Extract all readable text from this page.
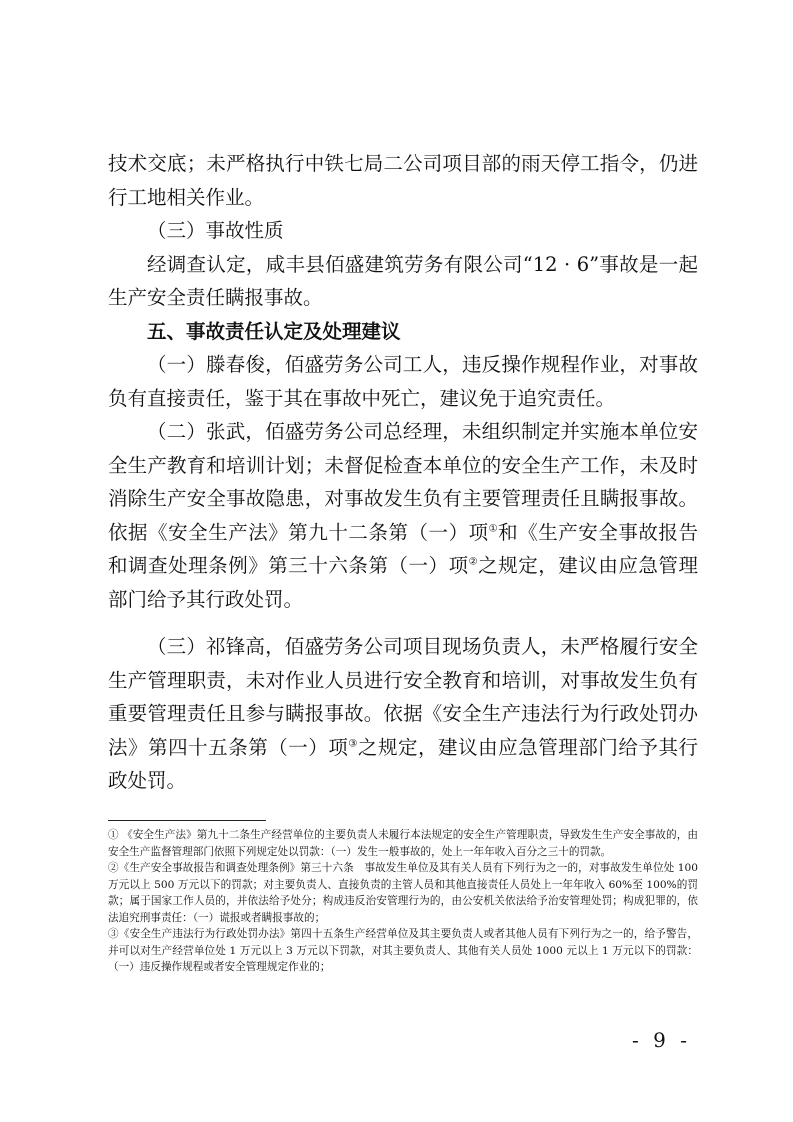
技术交底；未严格执行中铁七局二公司项目部的雨天停工指令，仍进行工地相关作业。

（三）事故性质

经调查认定，咸丰县佰盛建筑劳务有限公司“12 · 6”事故是一起生产安全责任瞒报事故。

五、事故责任认定及处理建议

（一）滕春俊，佰盛劳务公司工人，违反操作规程作业，对事故负有直接责任，鉴于其在事故中死亡，建议免于追究责任。

（二）张武，佰盛劳务公司总经理，未组织制定并实施本单位安全生产教育和培训计划；未督促检查本单位的安全生产工作，未及时消除生产安全事故隐患，对事故发生负有主要管理责任且瞒报事故。依据《安全生产法》第九十二条第（一）项①和《生产安全事故报告和调查处理条例》第三十六条第（一）项②之规定，建议由应急管理部门给予其行政处罚。

（三）祁锋高，佰盛劳务公司项目现场负责人，未严格履行安全生产管理职责，未对作业人员进行安全教育和培训，对事故发生负有重要管理责任且参与瞒报事故。依据《安全生产违法行为行政处罚办法》第四十五条第（一）项③之规定，建议由应急管理部门给予其行政处罚。

① 《安全生产法》第九十二条生产经营单位的主要负责人未履行本法规定的安全生产管理职责，导致发生生产安全事故的，由安全生产监督管理部门依照下列规定处以罚款：（一）发生一般事故的，处上一年年收入百分之三十的罚款。

②《生产安全事故报告和调查处理条例》第三十六条　事故发生单位及其有关人员有下列行为之一的，对事故发生单位处 100 万元以上 500 万元以下的罚款；对主要负责人、直接负责的主管人员和其他直接责任人员处上一年年收入 60%至 100%的罚款；属于国家工作人员的，并依法给予处分；构成违反治安管理行为的，由公安机关依法给予治安管理处罚；构成犯罪的，依法追究刑事责任：（一）谎报或者瞒报事故的；

③《安全生产违法行为行政处罚办法》第四十五条生产经营单位及其主要负责人或者其他人员有下列行为之一的，给予警告，并可以对生产经营单位处 1 万元以上 3 万元以下罚款，对其主要负责人、其他有关人员处 1000 元以上 1 万元以下的罚款：（一）违反操作规程或者安全管理规定作业的；

- 9 -
